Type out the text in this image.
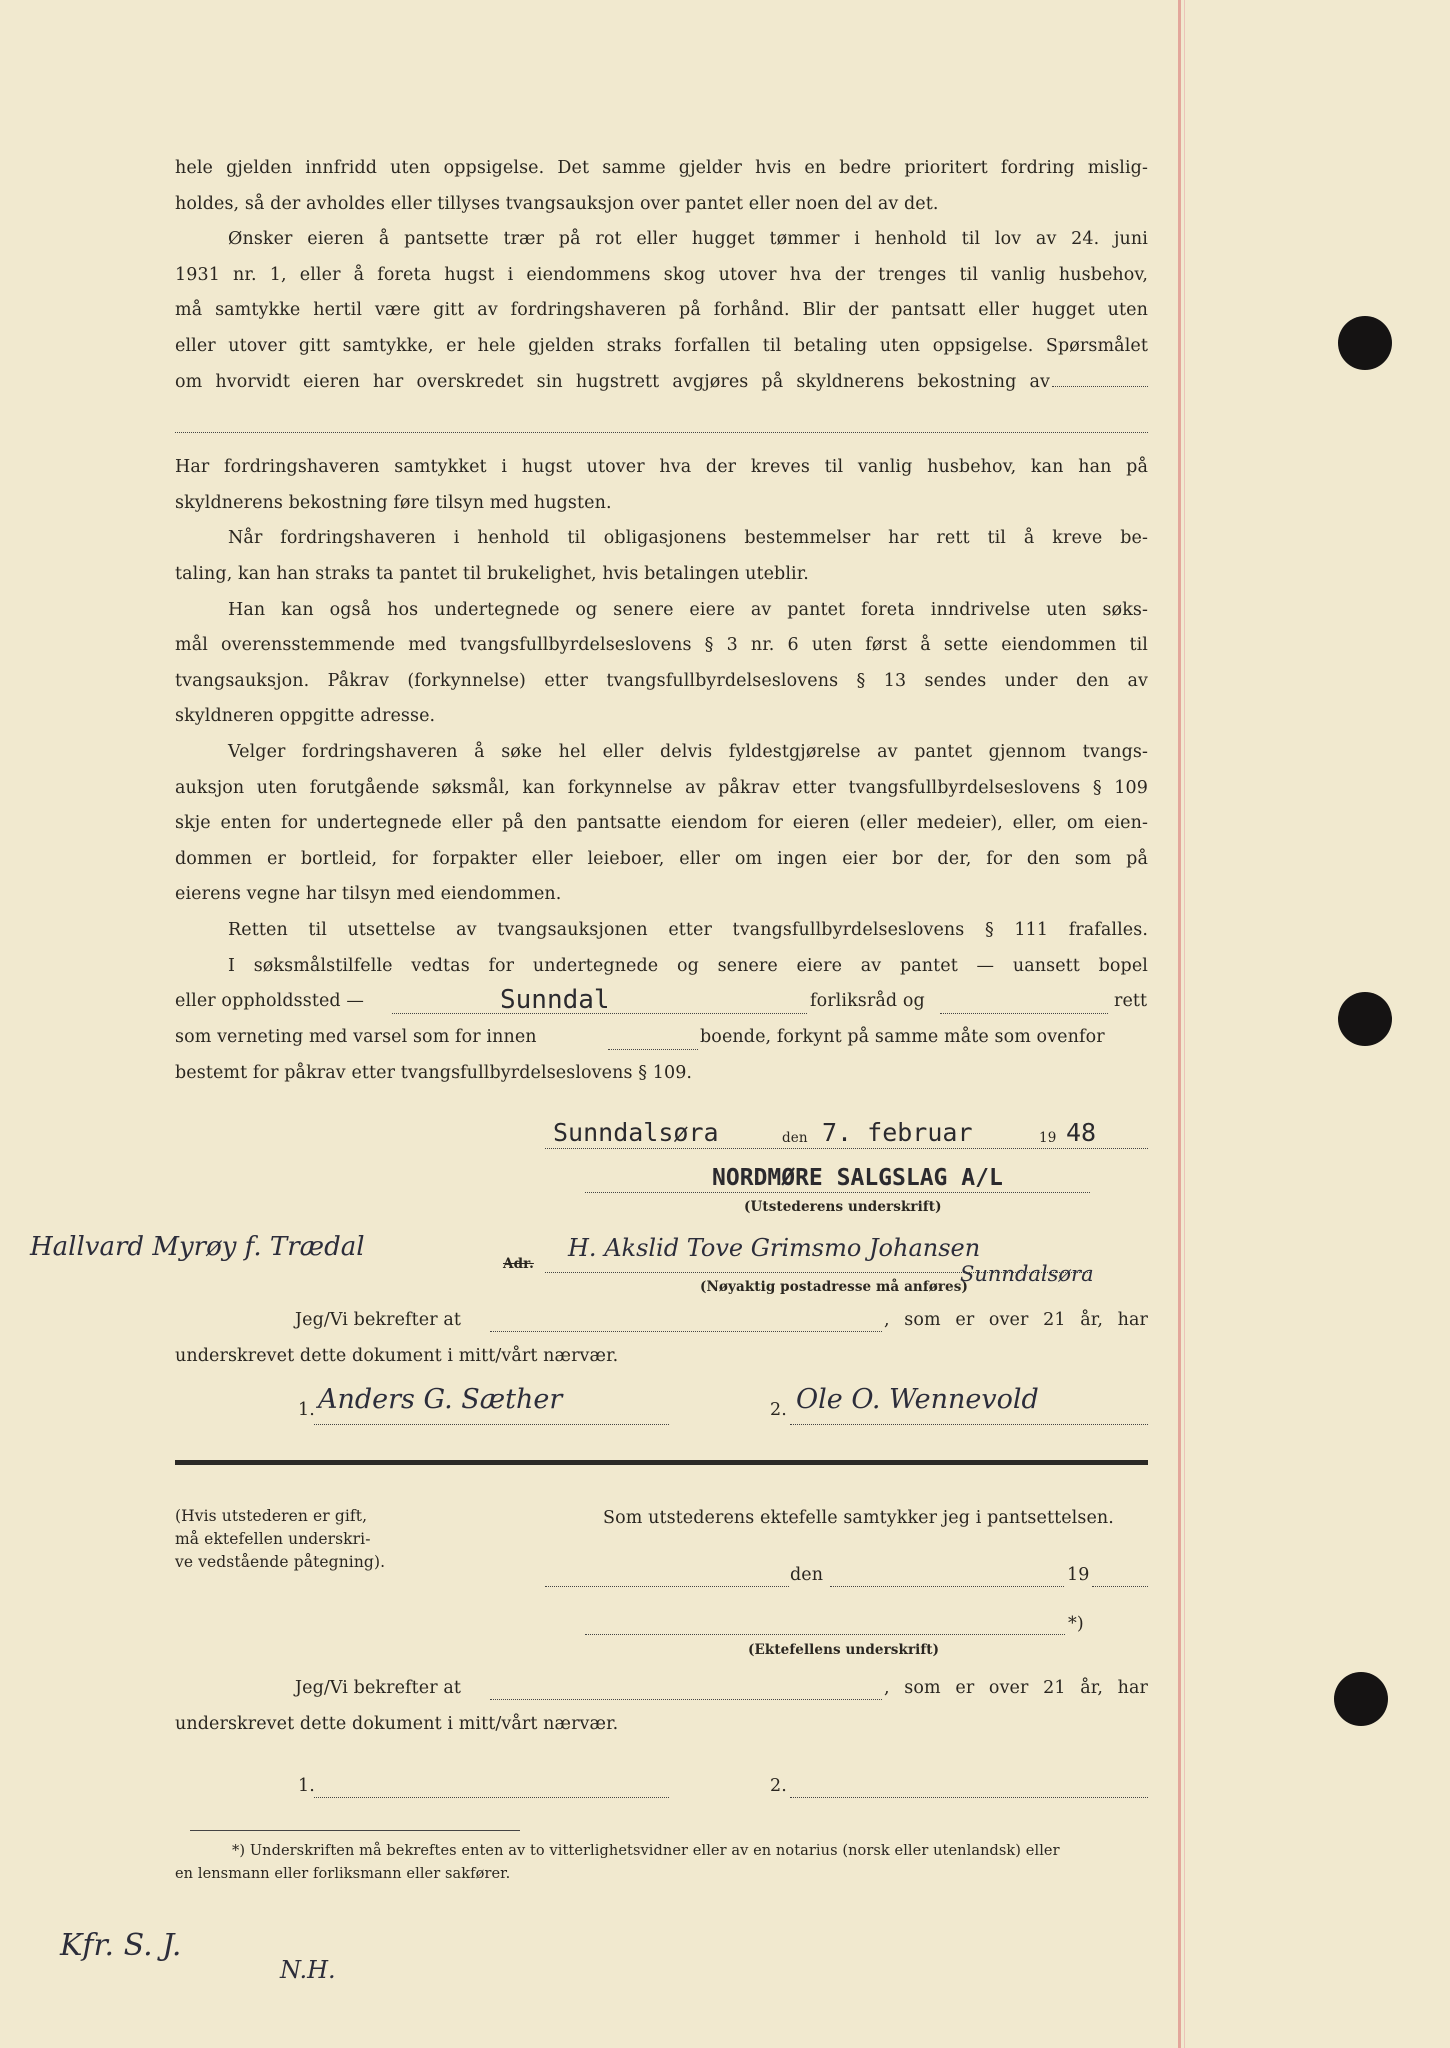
hele gjelden innfridd uten oppsigelse. Det samme gjelder hvis en bedre prioritert fordring mislig-
holdes, så der avholdes eller tillyses tvangsauksjon over pantet eller noen del av det.
Ønsker eieren å pantsette trær på rot eller hugget tømmer i henhold til lov av 24. juni
1931 nr. 1, eller å foreta hugst i eiendommens skog utover hva der trenges til vanlig husbehov,
må samtykke hertil være gitt av fordringshaveren på forhånd. Blir der pantsatt eller hugget uten
eller utover gitt samtykke, er hele gjelden straks forfallen til betaling uten oppsigelse. Spørsmålet
om hvorvidt eieren har overskredet sin hugstrett avgjøres på skyldnerens bekostning av
Har fordringshaveren samtykket i hugst utover hva der kreves til vanlig husbehov, kan han på
skyldnerens bekostning føre tilsyn med hugsten.
Når fordringshaveren i henhold til obligasjonens bestemmelser har rett til å kreve be-
taling, kan han straks ta pantet til brukelighet, hvis betalingen uteblir.
Han kan også hos undertegnede og senere eiere av pantet foreta inndrivelse uten søks-
mål overensstemmende med tvangsfullbyrdelseslovens § 3 nr. 6 uten først å sette eiendommen til
tvangsauksjon. Påkrav (forkynnelse) etter tvangsfullbyrdelseslovens § 13 sendes under den av
skyldneren oppgitte adresse.
Velger fordringshaveren å søke hel eller delvis fyldestgjørelse av pantet gjennom tvangs-
auksjon uten forutgående søksmål, kan forkynnelse av påkrav etter tvangsfullbyrdelseslovens § 109
skje enten for undertegnede eller på den pantsatte eiendom for eieren (eller medeier), eller, om eien-
dommen er bortleid, for forpakter eller leieboer, eller om ingen eier bor der, for den som på
eierens vegne har tilsyn med eiendommen.
Retten til utsettelse av tvangsauksjonen etter tvangsfullbyrdelseslovens § 111 frafalles.
I søksmålstilfelle vedtas for undertegnede og senere eiere av pantet — uansett bopel
eller oppholdssted —	Sunndal	forliksråd og	rett
som verneting med varsel som for innen	boende, forkynt på samme måte som ovenfor
bestemt for påkrav etter tvangsfullbyrdelseslovens § 109.
Sunndalsøra	den 7. februar	19 48
NORDMØRE SALGSLAG A/L
(Utstederens underskrift)
Hallvard Myrøy f. Trædal
Adr.
H. Akslid Tove Grimsmo Johansen
Sunndalsøra
(Nøyaktig postadresse må anføres)
Jeg/Vi bekrefter at	, som er over 21 år, har
underskrevet dette dokument i mitt/vårt nærvær.
1. Anders G. Sæther	2. Ole O. Wennevold
(Hvis utstederen er gift,
må ektefellen underskri-
ve vedstående påtegning).
Som utstederens ektefelle samtykker jeg i pantsettelsen.
den	19
*)
(Ektefellens underskrift)
Jeg/Vi bekrefter at	, som er over 21 år, har
underskrevet dette dokument i mitt/vårt nærvær.
1.	2.
*) Underskriften må bekreftes enten av to vitterlighetsvidner eller av en notarius (norsk eller utenlandsk) eller
en lensmann eller forliksmann eller sakfører.
Kfr. S. J.
N.H.
